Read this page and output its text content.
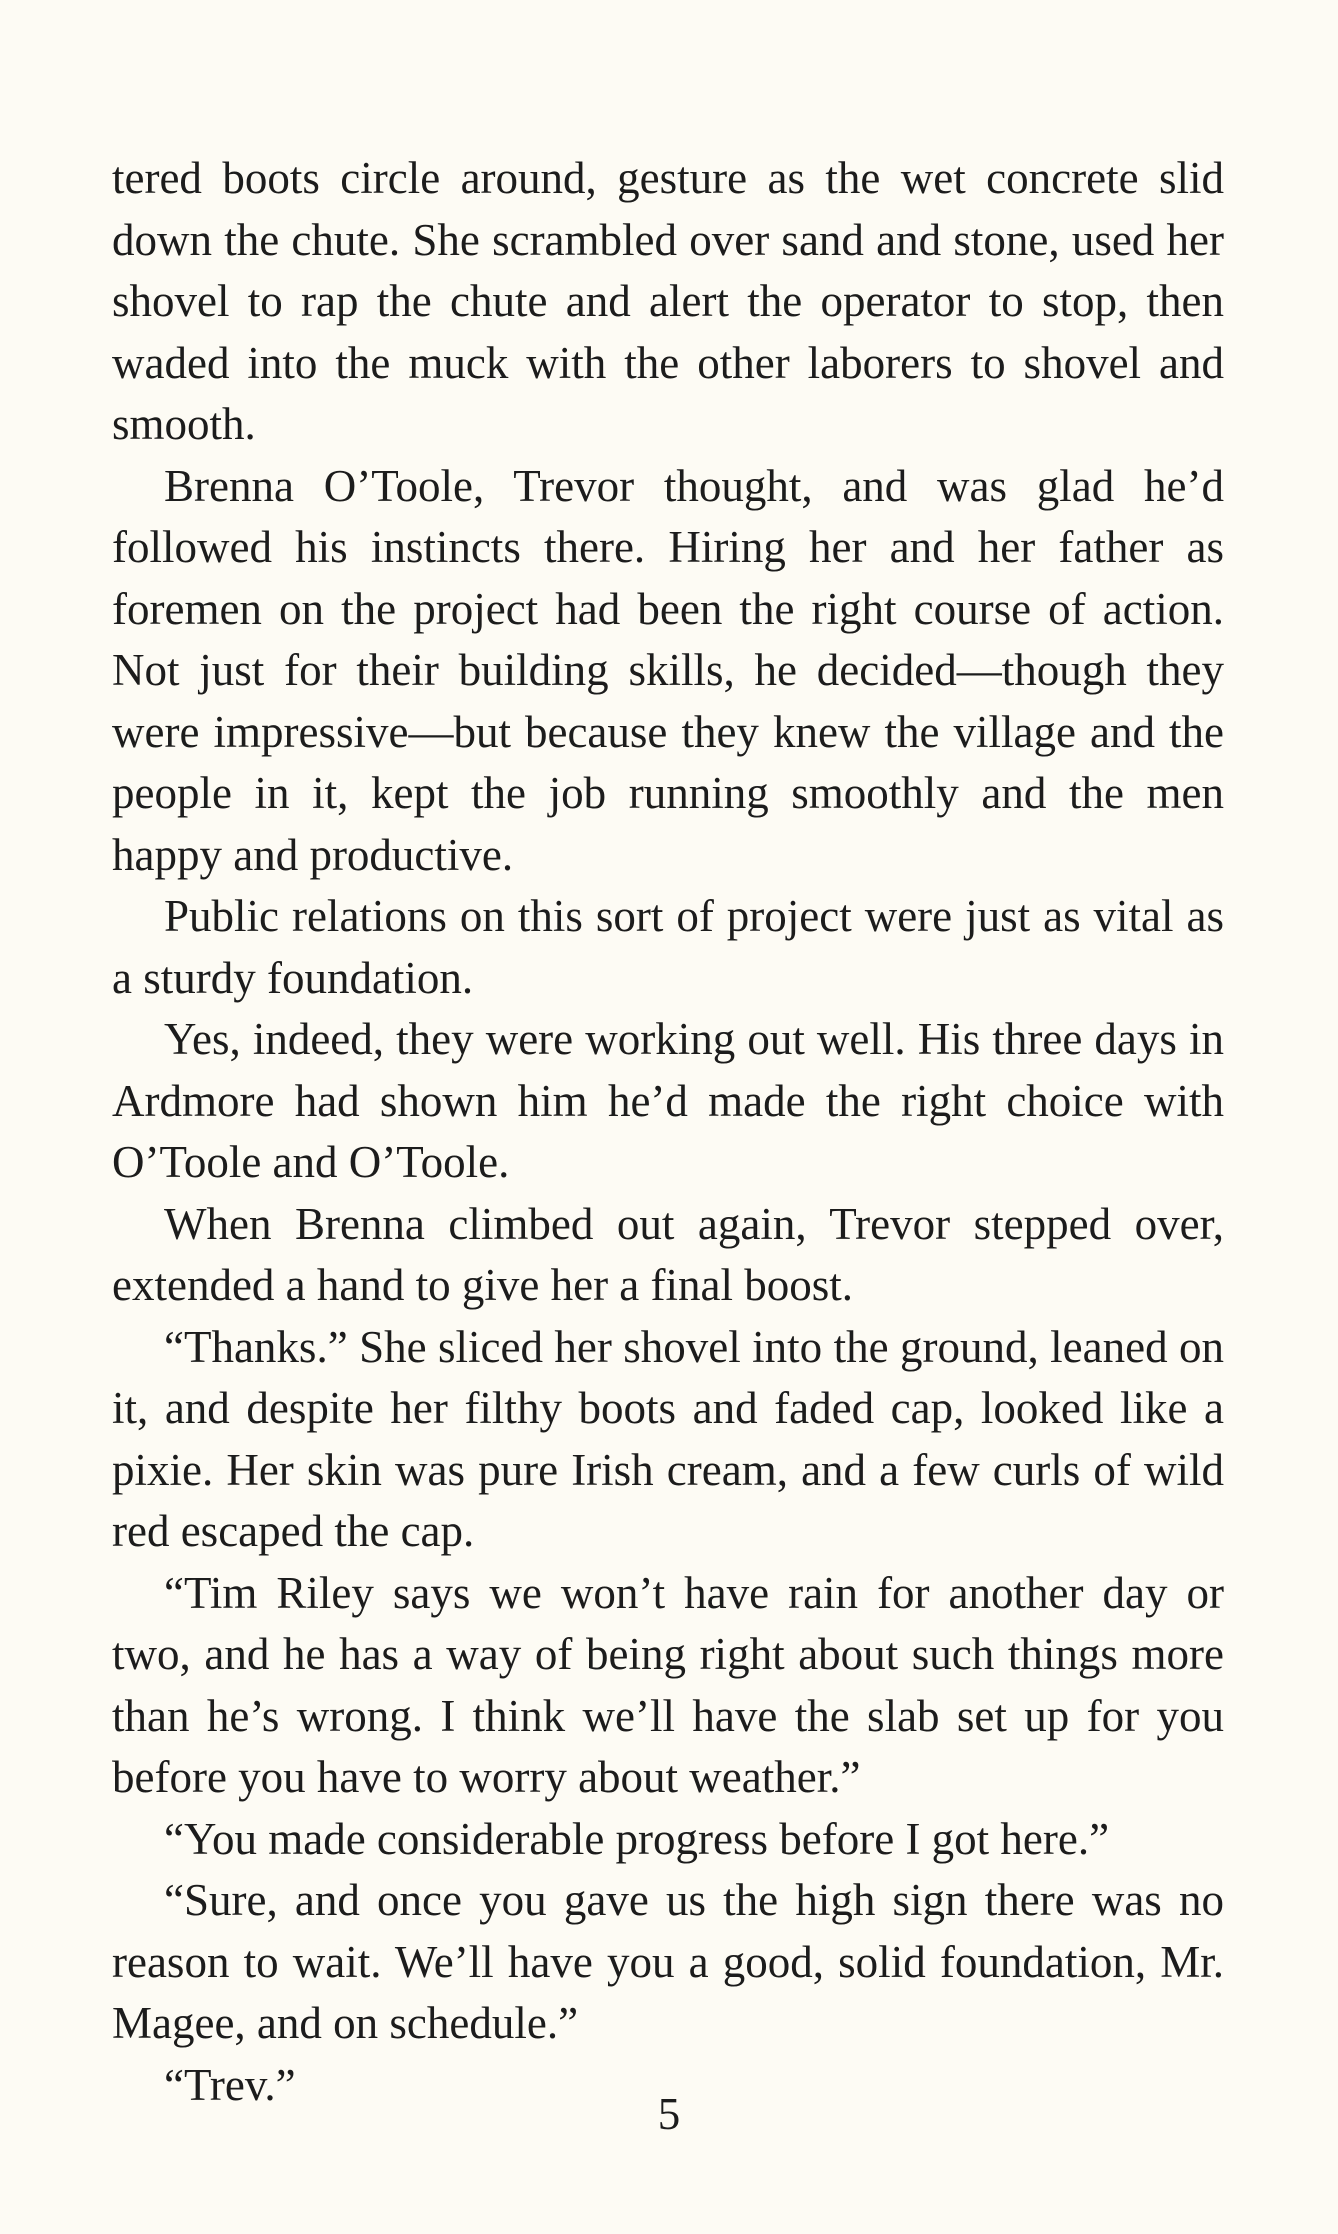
tered boots circle around, gesture as the wet concrete slid down the chute. She scrambled over sand and stone, used her shovel to rap the chute and alert the operator to stop, then waded into the muck with the other laborers to shovel and smooth.

Brenna O’Toole, Trevor thought, and was glad he’d followed his instincts there. Hiring her and her father as foremen on the project had been the right course of action. Not just for their building skills, he decided—though they were impressive—but because they knew the village and the people in it, kept the job running smoothly and the men happy and productive.

Public relations on this sort of project were just as vital as a sturdy foundation.

Yes, indeed, they were working out well. His three days in Ardmore had shown him he’d made the right choice with O’Toole and O’Toole.

When Brenna climbed out again, Trevor stepped over, extended a hand to give her a final boost.

“Thanks.” She sliced her shovel into the ground, leaned on it, and despite her filthy boots and faded cap, looked like a pixie. Her skin was pure Irish cream, and a few curls of wild red escaped the cap.

“Tim Riley says we won’t have rain for another day or two, and he has a way of being right about such things more than he’s wrong. I think we’ll have the slab set up for you before you have to worry about weather.”

“You made considerable progress before I got here.”

“Sure, and once you gave us the high sign there was no reason to wait. We’ll have you a good, solid foundation, Mr. Magee, and on schedule.”

“Trev.”

5
